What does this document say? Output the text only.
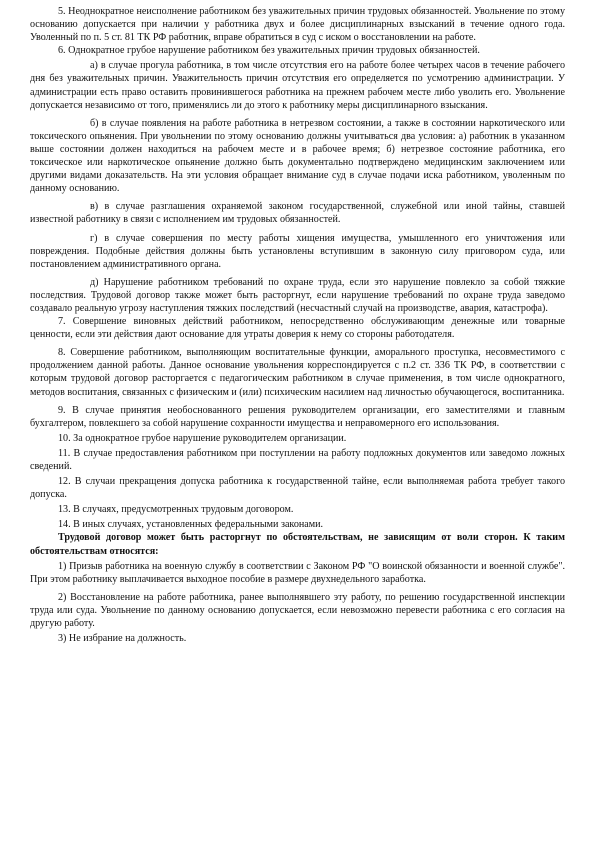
5. Неоднократное неисполнение работником без уважительных причин трудовых обязанностей. Увольнение по этому основанию допускается при наличии у работника двух и более дисциплинарных взысканий в течение одного года. Уволенный по п. 5 ст. 81 ТК РФ работник, вправе обратиться в суд с иском о восстановлении на работе.

6. Однократное грубое нарушение работником без уважительных причин трудовых обязанностей.

а) в случае прогула работника, в том числе отсутствия его на работе более четырех часов в течение рабочего дня без уважительных причин. Уважительность причин отсутствия его определяется по усмотрению администрации. У администрации есть право оставить провинившегося работника на прежнем рабочем месте либо уволить его. Увольнение допускается независимо от того, применялись ли до этого к работнику меры дисциплинарного взыскания.

б) в случае появления на работе работника в нетрезвом состоянии, а также в состоянии наркотического или токсического опьянения. При увольнении по этому основанию должны учитываться два условия: а) работник в указанном выше состоянии должен находиться на рабочем месте и в рабочее время; б) нетрезвое состояние работника, его токсическое или наркотическое опьянение должно быть документально подтверждено медицинским заключением или другими видами доказательств. На эти условия обращает внимание суд в случае подачи иска работником, уволенным по данному основанию.

в) в случае разглашения охраняемой законом государственной, служебной или иной тайны, ставшей известной работнику в связи с исполнением им трудовых обязанностей.

г) в случае совершения по месту работы хищения имущества, умышленного его уничтожения или повреждения. Подобные действия должны быть установлены вступившим в законную силу приговором суда, или постановлением административного органа.

д) Нарушение работником требований по охране труда, если это нарушение повлекло за собой тяжкие последствия. Трудовой договор также может быть расторгнут, если нарушение требований по охране труда заведомо создавало реальную угрозу наступления тяжких последствий (несчастный случай на производстве, авария, катастрофа).

7. Совершение виновных действий работником, непосредственно обслуживающим денежные или товарные ценности, если эти действия дают основание для утраты доверия к нему со стороны работодателя.

8. Совершение работником, выполняющим воспитательные функции, аморального проступка, несовместимого с продолжением данной работы. Данное основание увольнения корреспондируется с п.2 ст. 336 ТК РФ, в соответствии с которым трудовой договор расторгается с педагогическим работником в случае применения, в том числе однократного, методов воспитания, связанных с физическим и (или) психическим насилием над личностью обучающегося, воспитанника.

9. В случае принятия необоснованного решения руководителем организации, его заместителями и главным бухгалтером, повлекшего за собой нарушение сохранности имущества и неправомерного его использования.

10. За однократное грубое нарушение руководителем организации.

11. В случае предоставления работником при поступлении на работу подложных документов или заведомо ложных сведений.

12. В случаи прекращения допуска работника к государственной тайне, если выполняемая работа требует такого допуска.

13. В случаях, предусмотренных трудовым договором.

14. В иных случаях, установленных федеральными законами.

Трудовой договор может быть расторгнут по обстоятельствам, не зависящим от воли сторон. К таким обстоятельствам относятся:

1) Призыв работника на военную службу в соответствии с Законом РФ "О воинской обязанности и военной службе". При этом работнику выплачивается выходное пособие в размере двухнедельного заработка.

2) Восстановление на работе работника, ранее выполнявшего эту работу, по решению государственной инспекции труда или суда. Увольнение по данному основанию допускается, если невозможно перевести работника с его согласия на другую работу.

3) Не избрание на должность.
